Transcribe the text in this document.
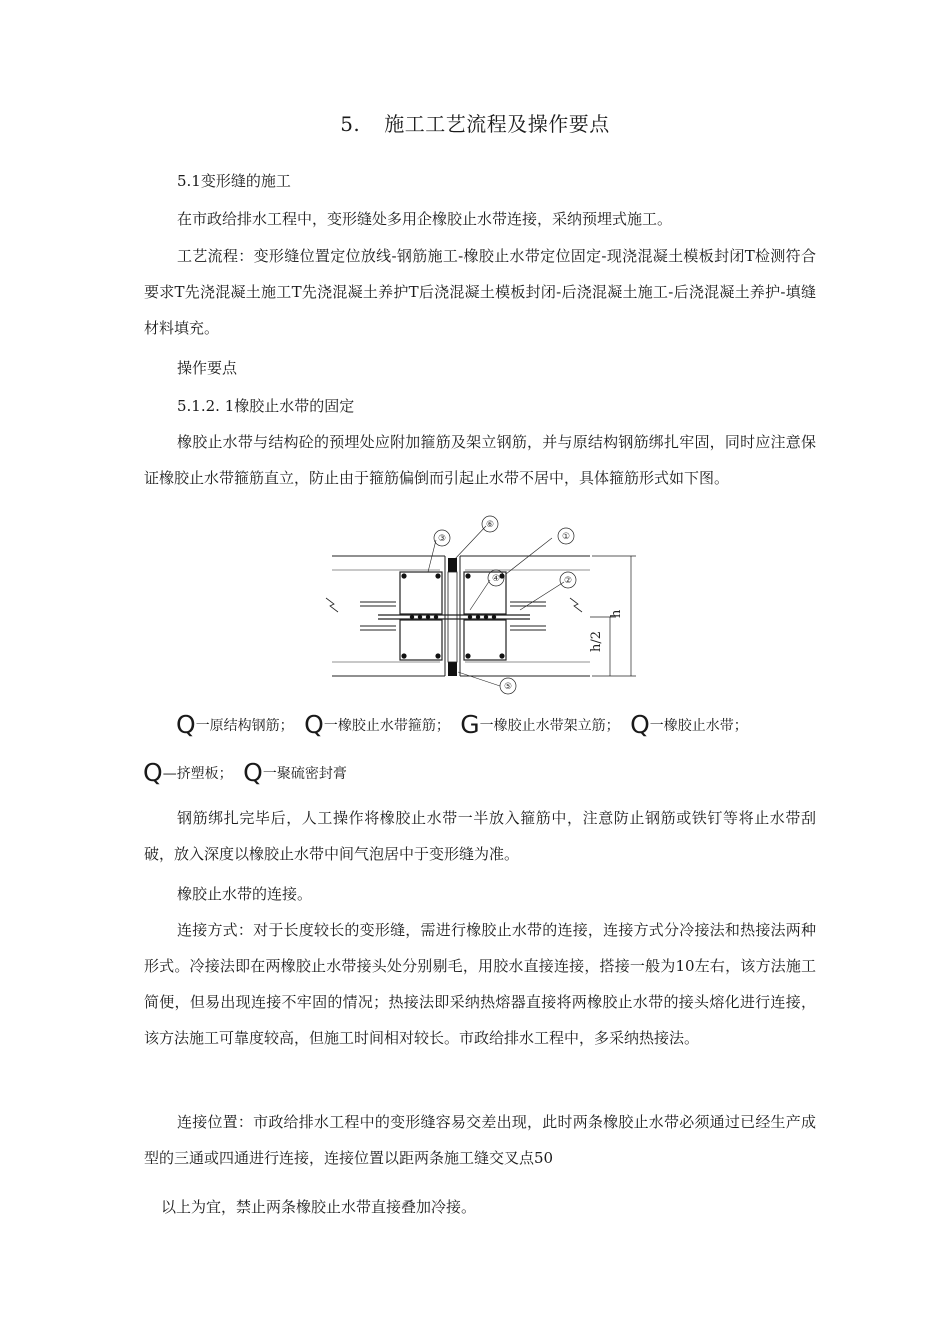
5. 施工工艺流程及操作要点
5.1变形缝的施工
在市政给排水工程中，变形缝处多用企橡胶止水带连接，采纳预埋式施工。
工艺流程：变形缝位置定位放线-钢筋施工-橡胶止水带定位固定-现浇混凝土模板封闭T检测符合要求T先浇混凝土施工T先浇混凝土养护T后浇混凝土模板封闭-后浇混凝土施工-后浇混凝土养护-填缝材料填充。
操作要点
5.1.2. 1橡胶止水带的固定
橡胶止水带与结构砼的预埋处应附加箍筋及架立钢筋，并与原结构钢筋绑扎牢固，同时应注意保证橡胶止水带箍筋直立，防止由于箍筋偏倒而引起止水带不居中，具体箍筋形式如下图。
③
⑥
①
④	②
⑤
h
h/2
Q一原结构钢筋； Q一橡胶止水带箍筋； G一橡胶止水带架立筋； Q一橡胶止水带；
Q—挤塑板； Q一聚硫密封膏
钢筋绑扎完毕后，人工操作将橡胶止水带一半放入箍筋中，注意防止钢筋或铁钉等将止水带刮破，放入深度以橡胶止水带中间气泡居中于变形缝为准。
橡胶止水带的连接。
连接方式：对于长度较长的变形缝，需进行橡胶止水带的连接，连接方式分冷接法和热接法两种形式。冷接法即在两橡胶止水带接头处分别剔毛，用胶水直接连接，搭接一般为10左右，该方法施工简便，但易出现连接不牢固的情况；热接法即采纳热熔器直接将两橡胶止水带的接头熔化进行连接，该方法施工可靠度较高，但施工时间相对较长。市政给排水工程中，多采纳热接法。
连接位置：市政给排水工程中的变形缝容易交差出现，此时两条橡胶止水带必须通过已经生产成型的三通或四通进行连接，连接位置以距两条施工缝交叉点50
以上为宜，禁止两条橡胶止水带直接叠加冷接。
